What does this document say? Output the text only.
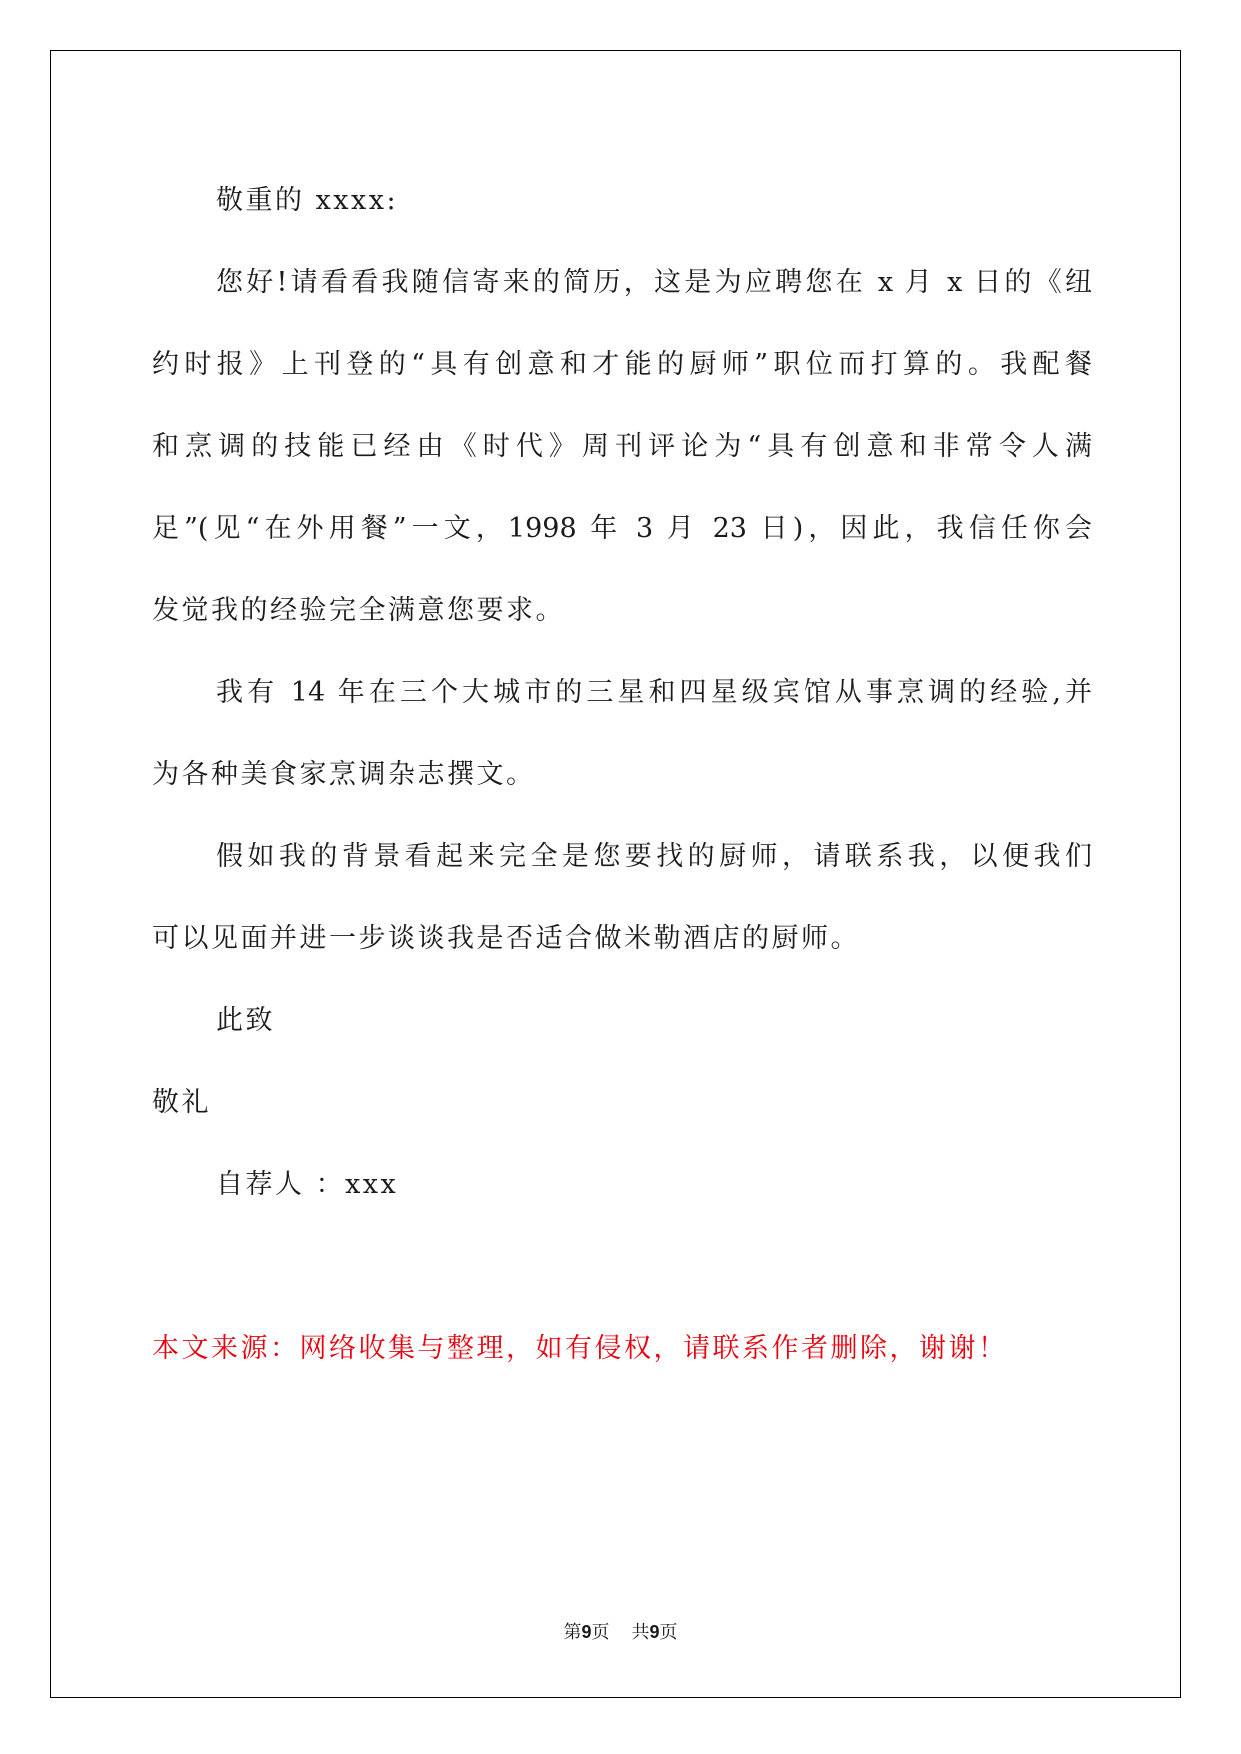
敬重的 xxxx:
您好!请看看我随信寄来的简历，这是为应聘您在 x 月 x 日的《纽
约时报》上刊登的“具有创意和才能的厨师”职位而打算的。我配餐
和烹调的技能已经由《时代》周刊评论为“具有创意和非常令人满
足”(见“在外用餐”一文，1998 年 3 月 23 日)，因此，我信任你会
发觉我的经验完全满意您要求。
我有 14 年在三个大城市的三星和四星级宾馆从事烹调的经验,并
为各种美食家烹调杂志撰文。
假如我的背景看起来完全是您要找的厨师，请联系我，以便我们
可以见面并进一步谈谈我是否适合做米勒酒店的厨师。
此致
敬礼
自荐人 ：xxx
本文来源：网络收集与整理，如有侵权，请联系作者删除，谢谢！
第9页 共9页
